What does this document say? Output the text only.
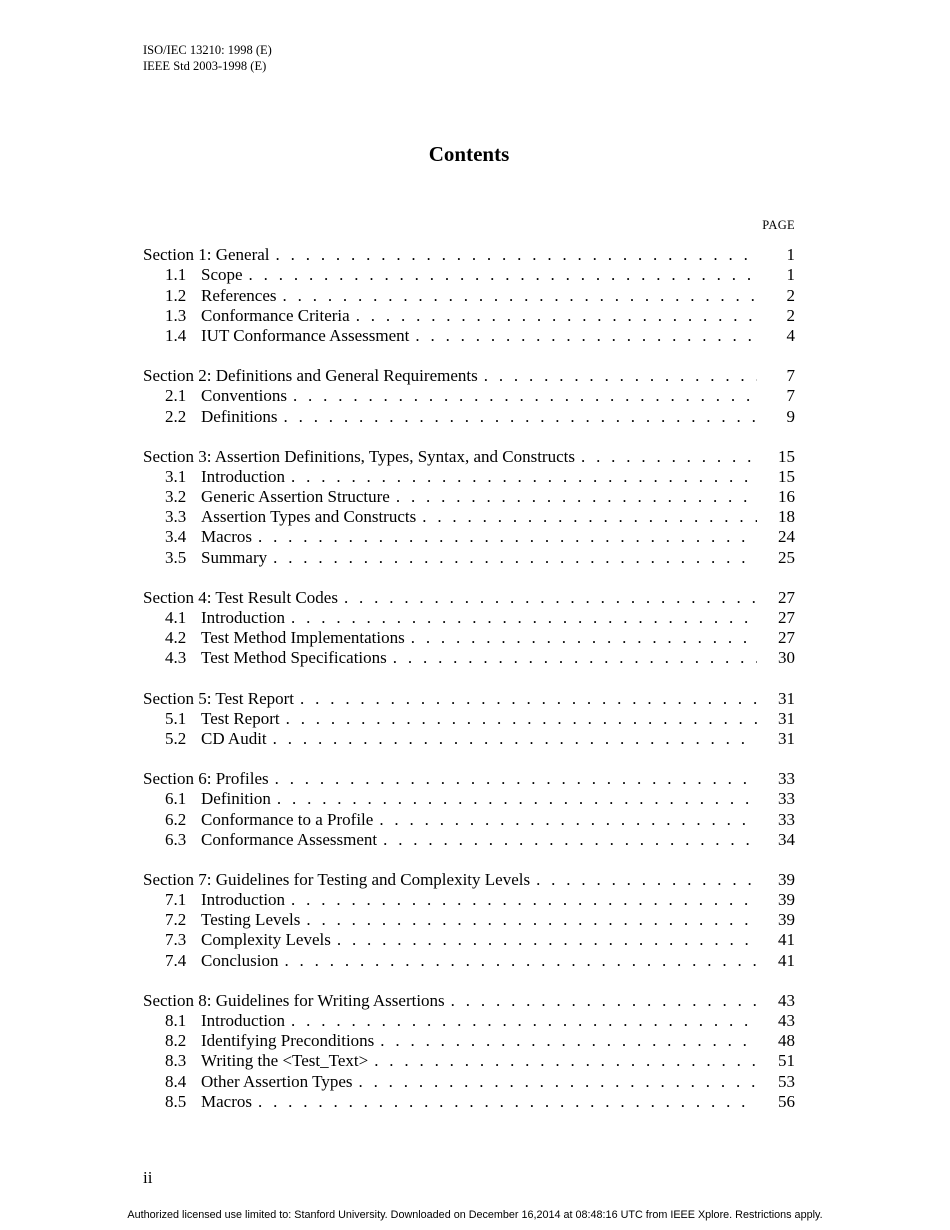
ISO/IEC 13210: 1998 (E)
IEEE Std 2003-1998 (E)
Contents
PAGE
Section 1: General . . .	1
1.1 Scope . . .	1
1.2 References . . .	2
1.3 Conformance Criteria . . .	2
1.4 IUT Conformance Assessment . . .	4
Section 2: Definitions and General Requirements . . .	7
2.1 Conventions . . .	7
2.2 Definitions . . .	9
Section 3: Assertion Definitions, Types, Syntax, and Constructs . . .	15
3.1 Introduction . . .	15
3.2 Generic Assertion Structure . . .	16
3.3 Assertion Types and Constructs . . .	18
3.4 Macros . . .	24
3.5 Summary . . .	25
Section 4: Test Result Codes . . .	27
4.1 Introduction . . .	27
4.2 Test Method Implementations . . .	27
4.3 Test Method Specifications . . .	30
Section 5: Test Report . . .	31
5.1 Test Report . . .	31
5.2 CD Audit . . .	31
Section 6: Profiles . . .	33
6.1 Definition . . .	33
6.2 Conformance to a Profile . . .	33
6.3 Conformance Assessment . . .	34
Section 7: Guidelines for Testing and Complexity Levels . . .	39
7.1 Introduction . . .	39
7.2 Testing Levels . . .	39
7.3 Complexity Levels . . .	41
7.4 Conclusion . . .	41
Section 8: Guidelines for Writing Assertions . . .	43
8.1 Introduction . . .	43
8.2 Identifying Preconditions . . .	48
8.3 Writing the <Test_Text> . . .	51
8.4 Other Assertion Types . . .	53
8.5 Macros . . .	56
ii
Authorized licensed use limited to: Stanford University. Downloaded on December 16,2014 at 08:48:16 UTC from IEEE Xplore. Restrictions apply.
